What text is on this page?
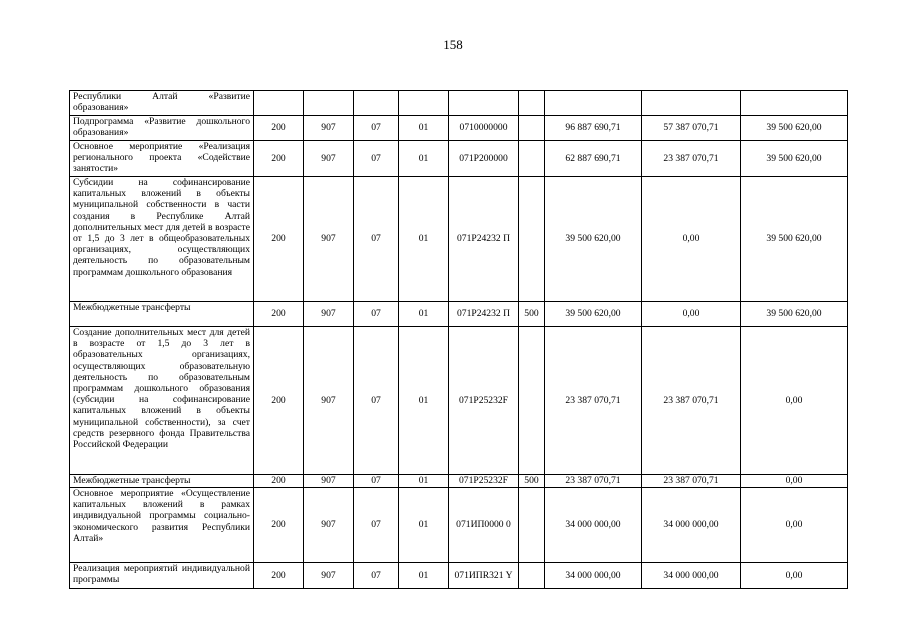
158
Республики Алтай «Развитие образования»									
Подпрограмма «Развитие дошкольного образования»	200	907	07	01	0710000000		96 887 690,71	57 387 070,71	39 500 620,00
Основное мероприятие «Реализация регионального проекта «Содействие занятости»	200	907	07	01	071P200000		62 887 690,71	23 387 070,71	39 500 620,00
Субсидии на софинансирование капитальных вложений в объекты муниципальной собственности в части создания в Республике Алтай дополнительных мест для детей в возрасте от 1,5 до 3 лет в общеобразовательных организациях, осуществляющих деятельность по образовательным программам дошкольного образования	200	907	07	01	071P24232 П		39 500 620,00	0,00	39 500 620,00
Межбюджетные трансферты	200	907	07	01	071P24232 П	500	39 500 620,00	0,00	39 500 620,00
Создание дополнительных мест для детей в возрасте от 1,5 до 3 лет в образовательных организациях, осуществляющих образовательную деятельность по образовательным программам дошкольного образования (субсидии на софинансирование капитальных вложений в объекты муниципальной собственности), за счет средств резервного фонда Правительства Российской Федерации	200	907	07	01	071P25232F		23 387 070,71	23 387 070,71	0,00
Межбюджетные трансферты	200	907	07	01	071P25232F	500	23 387 070,71	23 387 070,71	0,00
Основное мероприятие «Осуществление капитальных вложений в рамках индивидуальной программы социально-экономического развития Республики Алтай»	200	907	07	01	071ИП0000 0		34 000 000,00	34 000 000,00	0,00
Реализация мероприятий индивидуальной программы	200	907	07	01	071ИПR321 Y		34 000 000,00	34 000 000,00	0,00
